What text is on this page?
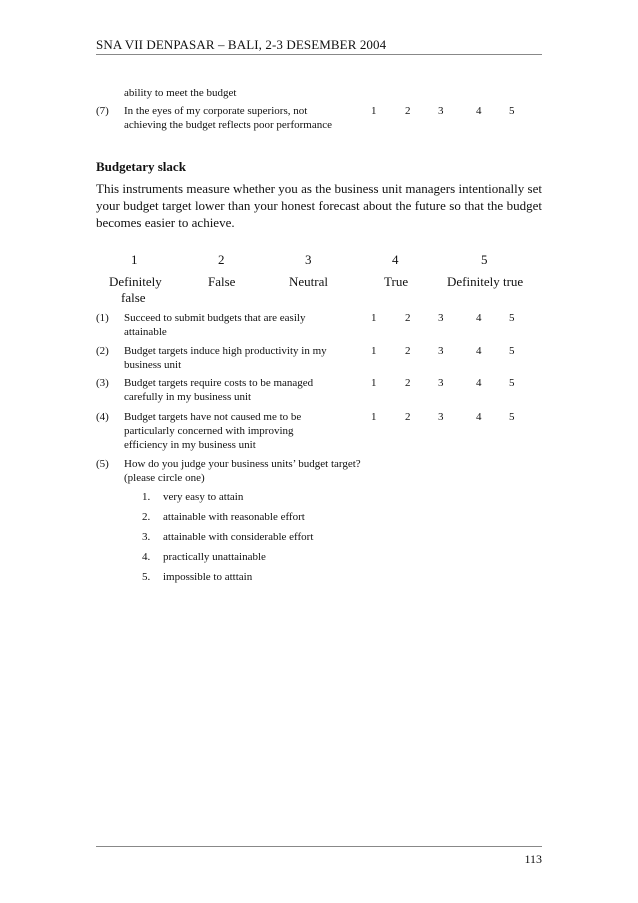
SNA VII DENPASAR – BALI, 2-3 DESEMBER 2004
ability to meet the budget
(7) In the eyes of my corporate superiors, not
achieving the budget reflects poor performance
1	2	3	4	5
Budgetary slack
This instruments measure whether you as the business unit managers intentionally set your budget target lower than your honest forecast about the future so that the budget becomes easier to achieve.
1	2	3	4	5
Definitely
false
False	Neutral	True	Definitely true
(1) Succeed to submit budgets that are easily
attainable
1	2	3	4	5
(2) Budget targets induce high productivity in my
business unit
1	2	3	4	5
(3) Budget targets require costs to be managed
carefully in my business unit
1	2	3	4	5
(4) Budget targets have not caused me to be
particularly concerned with improving
efficiency in my business unit
1	2	3	4	5
(5) How do you judge your business units’ budget target?
(please circle one)
1. very easy to attain
2. attainable with reasonable effort
3. attainable with considerable effort
4. practically unattainable
5. impossible to atttain
113
